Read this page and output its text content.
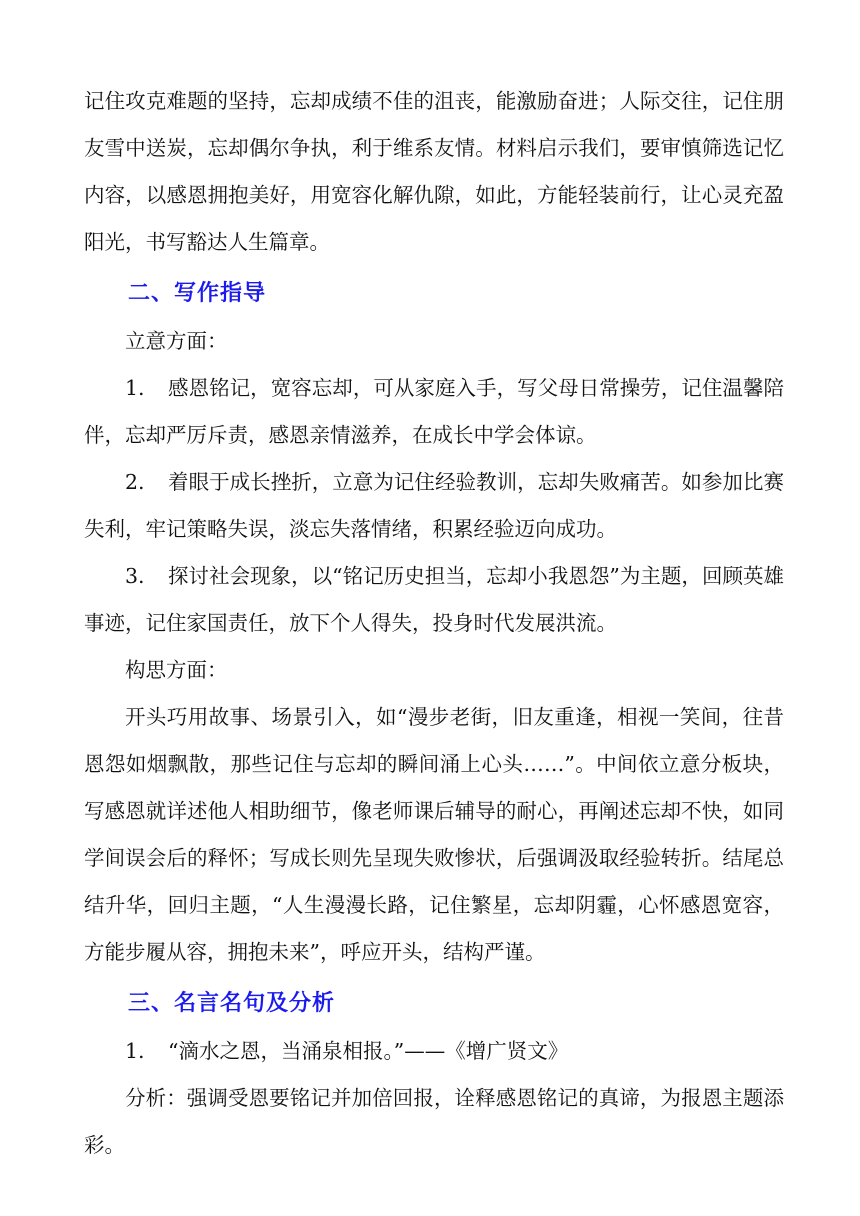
记住攻克难题的坚持，忘却成绩不佳的沮丧，能激励奋进；人际交往，记住朋友雪中送炭，忘却偶尔争执，利于维系友情。材料启示我们，要审慎筛选记忆内容，以感恩拥抱美好，用宽容化解仇隙，如此，方能轻装前行，让心灵充盈阳光，书写豁达人生篇章。

二、写作指导

立意方面：

1. 感恩铭记，宽容忘却，可从家庭入手，写父母日常操劳，记住温馨陪伴，忘却严厉斥责，感恩亲情滋养，在成长中学会体谅。

2. 着眼于成长挫折，立意为记住经验教训，忘却失败痛苦。如参加比赛失利，牢记策略失误，淡忘失落情绪，积累经验迈向成功。

3. 探讨社会现象，以“铭记历史担当，忘却小我恩怨”为主题，回顾英雄事迹，记住家国责任，放下个人得失，投身时代发展洪流。

构思方面：

开头巧用故事、场景引入，如“漫步老街，旧友重逢，相视一笑间，往昔恩怨如烟飘散，那些记住与忘却的瞬间涌上心头……”。中间依立意分板块，写感恩就详述他人相助细节，像老师课后辅导的耐心，再阐述忘却不快，如同学间误会后的释怀；写成长则先呈现失败惨状，后强调汲取经验转折。结尾总结升华，回归主题，“人生漫漫长路，记住繁星，忘却阴霾，心怀感恩宽容，方能步履从容，拥抱未来”，呼应开头，结构严谨。

三、名言名句及分析

1. “滴水之恩，当涌泉相报。”——《增广贤文》

分析：强调受恩要铭记并加倍回报，诠释感恩铭记的真谛，为报恩主题添彩。
